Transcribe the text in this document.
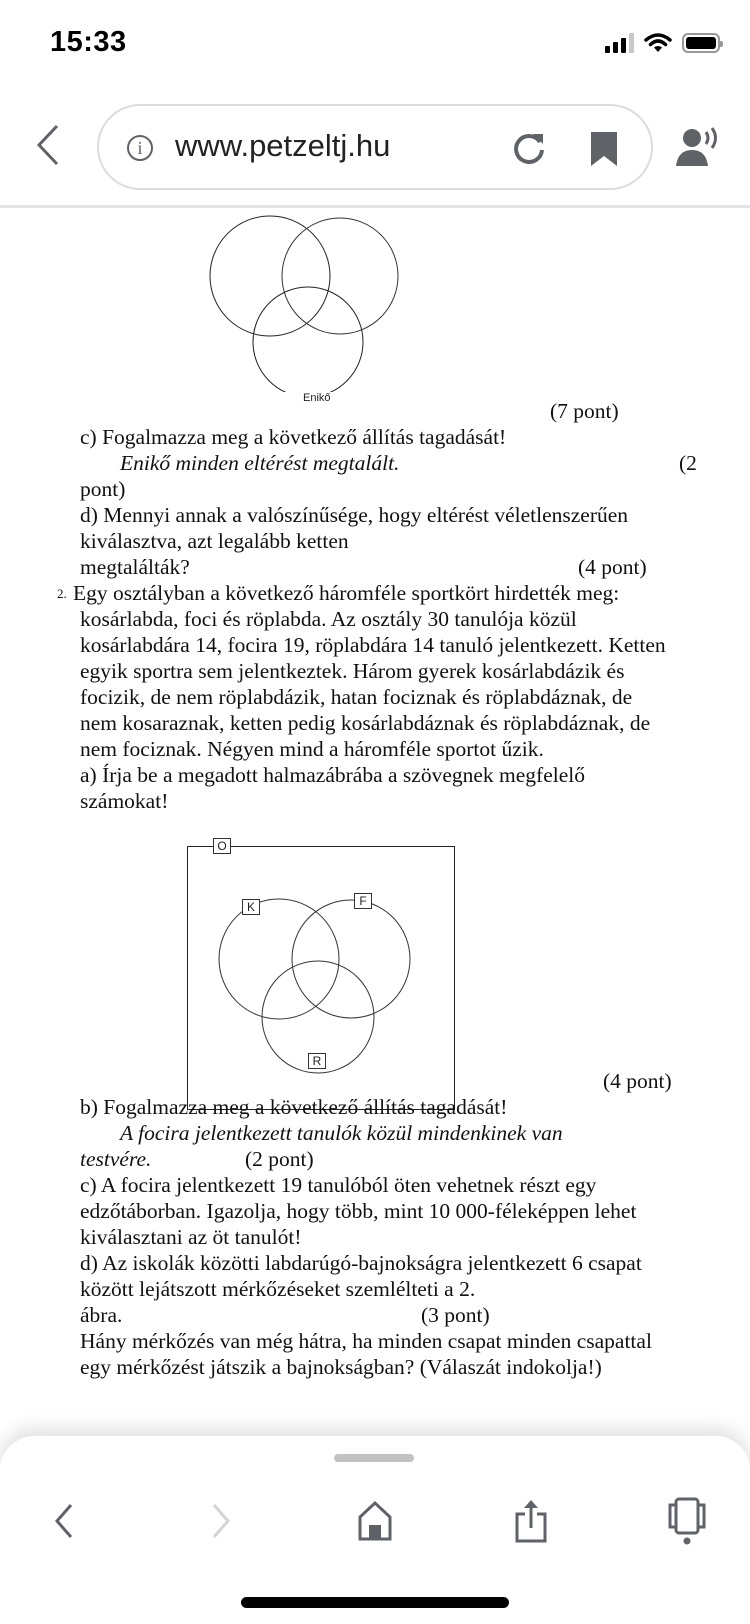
15:33
i	www.petzeltj.hu
Enikő
(7 pont)
c) Fogalmazza meg a következő állítás tagadását!
Enikő minden eltérést megtalált.	(2
pont)
d) Mennyi annak a valószínűsége, hogy eltérést véletlenszerűen
kiválasztva, azt legalább ketten
megtalálták?	(4 pont)
2. Egy osztályban a következő háromféle sportkört hirdették meg:
kosárlabda, foci és röplabda. Az osztály 30 tanulója közül
kosárlabdára 14, focira 19, röplabdára 14 tanuló jelentkezett. Ketten
egyik sportra sem jelentkeztek. Három gyerek kosárlabdázik és
focizik, de nem röplabdázik, hatan fociznak és röplabdáznak, de
nem kosaraznak, ketten pedig kosárlabdáznak és röplabdáznak, de
nem fociznak. Négyen mind a háromféle sportot űzik.
a) Írja be a megadott halmazábrába a szövegnek megfelelő
számokat!
O
K	F
R
(4 pont)
b) Fogalmazza meg a következő állítás tagadását!
A focira jelentkezett tanulók közül mindenkinek van
testvére.	(2 pont)
c) A focira jelentkezett 19 tanulóból öten vehetnek részt egy
edzőtáborban. Igazolja, hogy több, mint 10 000-féleképpen lehet
kiválasztani az öt tanulót!
d) Az iskolák közötti labdarúgó-bajnokságra jelentkezett 6 csapat
között lejátszott mérkőzéseket szemlélteti a 2.
ábra.	(3 pont)
Hány mérkőzés van még hátra, ha minden csapat minden csapattal
egy mérkőzést játszik a bajnokságban? (Válaszát indokolja!)
